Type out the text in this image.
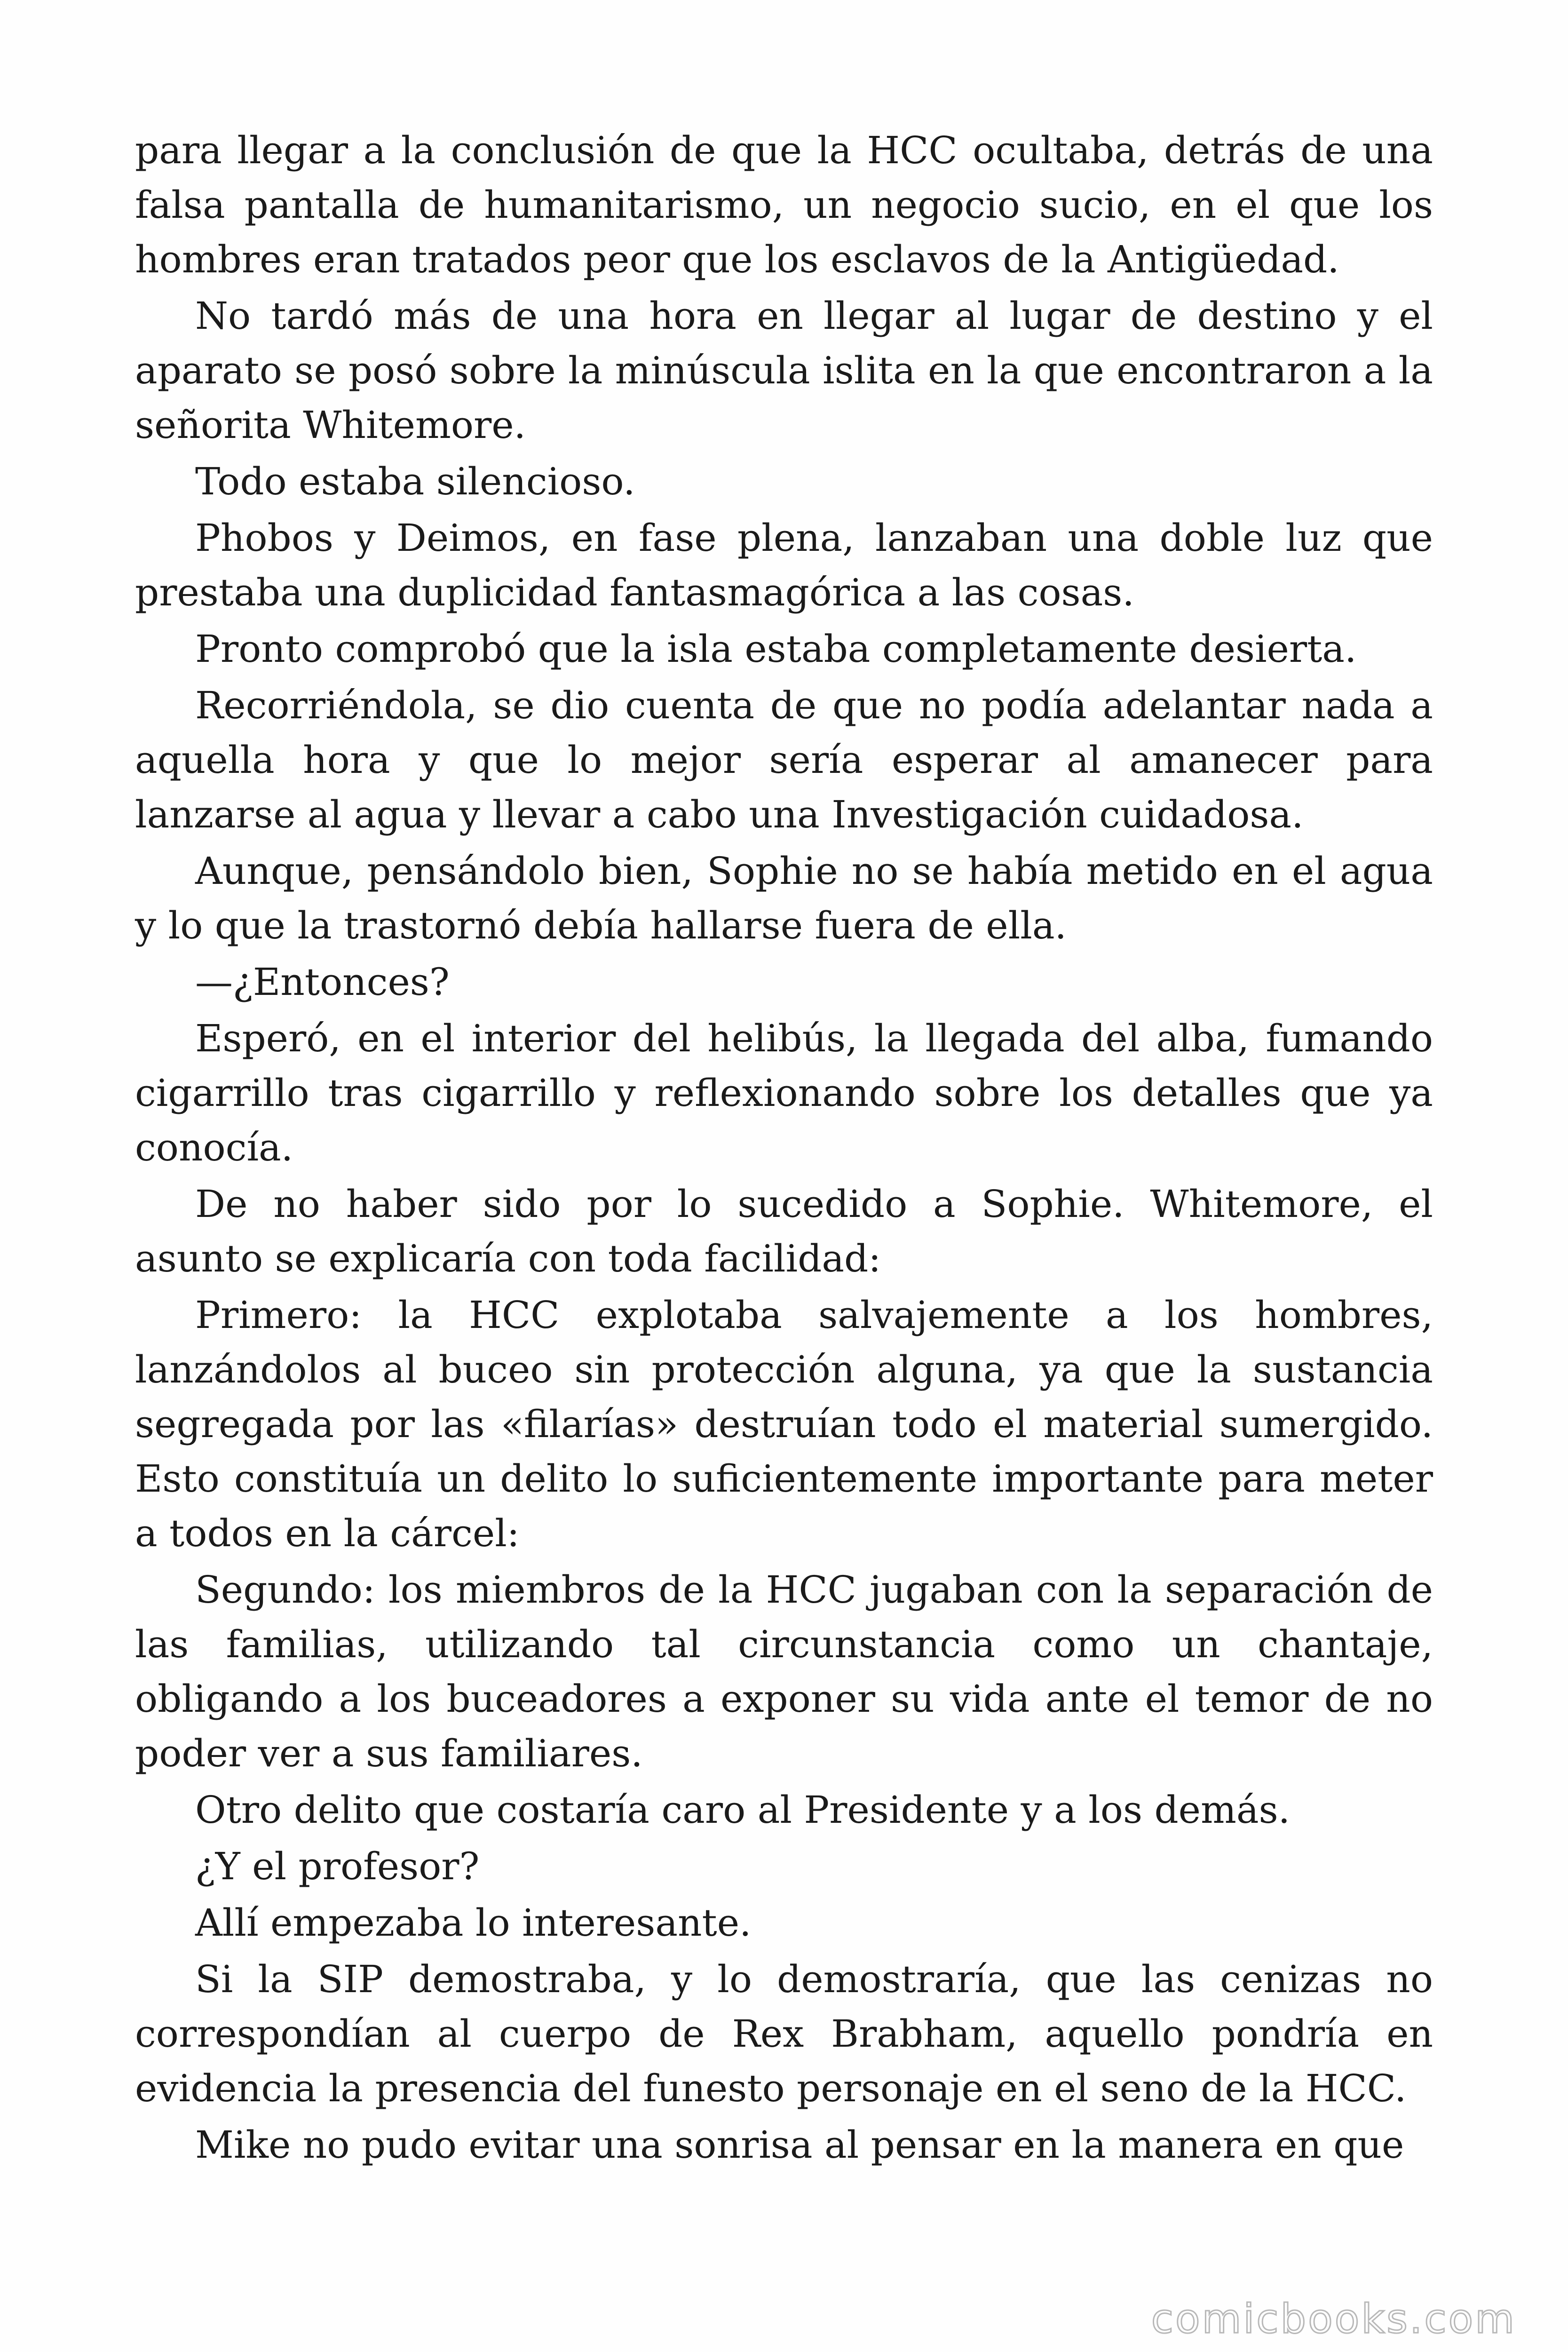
para llegar a la conclusión de que la HCC ocultaba, detrás de una falsa pantalla de humanitarismo, un negocio sucio, en el que los hombres eran tratados peor que los esclavos de la Antigüedad.

No tardó más de una hora en llegar al lugar de destino y el aparato se posó sobre la minúscula islita en la que encontraron a la señorita Whitemore.

Todo estaba silencioso.

Phobos y Deimos, en fase plena, lanzaban una doble luz que prestaba una duplicidad fantasmagórica a las cosas.

Pronto comprobó que la isla estaba completamente desierta.

Recorriéndola, se dio cuenta de que no podía adelantar nada a aquella hora y que lo mejor sería esperar al amanecer para lanzarse al agua y llevar a cabo una Investigación cuidadosa.

Aunque, pensándolo bien, Sophie no se había metido en el agua y lo que la trastornó debía hallarse fuera de ella.

—¿Entonces?

Esperó, en el interior del helibús, la llegada del alba, fumando cigarrillo tras cigarrillo y reflexionando sobre los detalles que ya conocía.

De no haber sido por lo sucedido a Sophie. Whitemore, el asunto se explicaría con toda facilidad:

Primero: la HCC explotaba salvajemente a los hombres, lanzándolos al buceo sin protección alguna, ya que la sustancia segregada por las «filarías» destruían todo el material sumergido. Esto constituía un delito lo suficientemente importante para meter a todos en la cárcel:

Segundo: los miembros de la HCC jugaban con la separación de las familias, utilizando tal circunstancia como un chantaje, obligando a los buceadores a exponer su vida ante el temor de no poder ver a sus familiares.

Otro delito que costaría caro al Presidente y a los demás.

¿Y el profesor?

Allí empezaba lo interesante.

Si la SIP demostraba, y lo demostraría, que las cenizas no correspondían al cuerpo de Rex Brabham, aquello pondría en evidencia la presencia del funesto personaje en el seno de la HCC.

Mike no pudo evitar una sonrisa al pensar en la manera en que

comicbooks.com
